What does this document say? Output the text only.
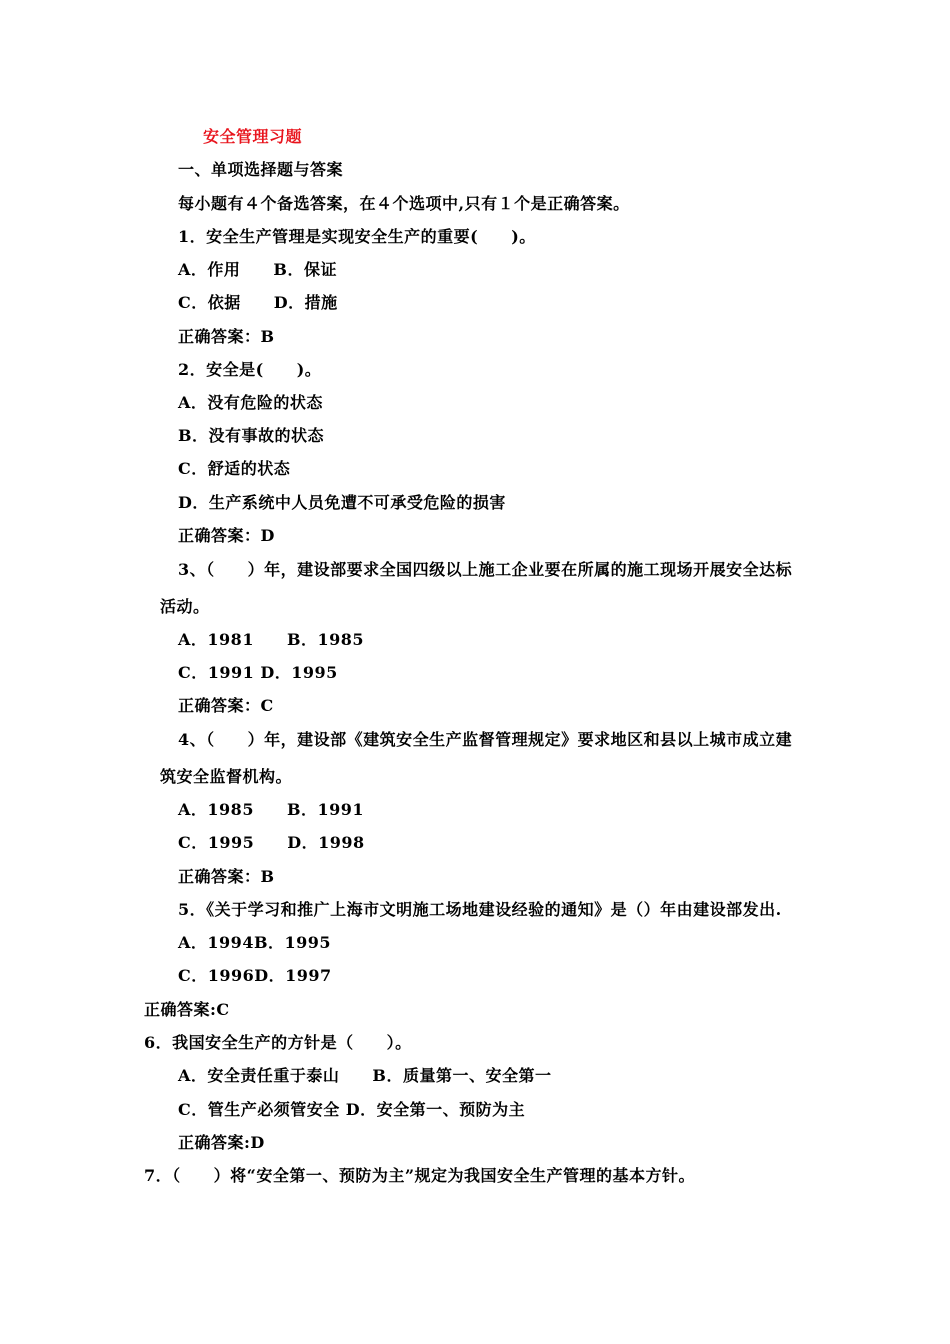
安全管理习题
一、单项选择题与答案
每小题有４个备选答案，在４个选项中,只有１个是正确答案。
1．安全生产管理是实现安全生产的重要(　　)。
A．作用　　B．保证
C．依据　　D．措施
正确答案：B
2．安全是(　　)。
A．没有危险的状态
B．没有事故的状态
C．舒适的状态
D．生产系统中人员免遭不可承受危险的损害
正确答案：D
3、（　　）年，建设部要求全国四级以上施工企业要在所属的施工现场开展安全达标
活动。
A．1981　　B．1985
C．1991 D．1995
正确答案：C
4、（　　）年，建设部《建筑安全生产监督管理规定》要求地区和县以上城市成立建
筑安全监督机构。
A．1985　　B．1991
C．1995　　D．1998
正确答案：B
5．《关于学习和推广上海市文明施工场地建设经验的通知》是（）年由建设部发出.
A．1994B．1995
C．1996D．1997
正确答案:C
6．我国安全生产的方针是（　　）。
A．安全责任重于泰山　　B．质量第一、安全第一
C．管生产必须管安全 D．安全第一、预防为主
正确答案:D
7．（　　）将“安全第一、预防为主”规定为我国安全生产管理的基本方针。
